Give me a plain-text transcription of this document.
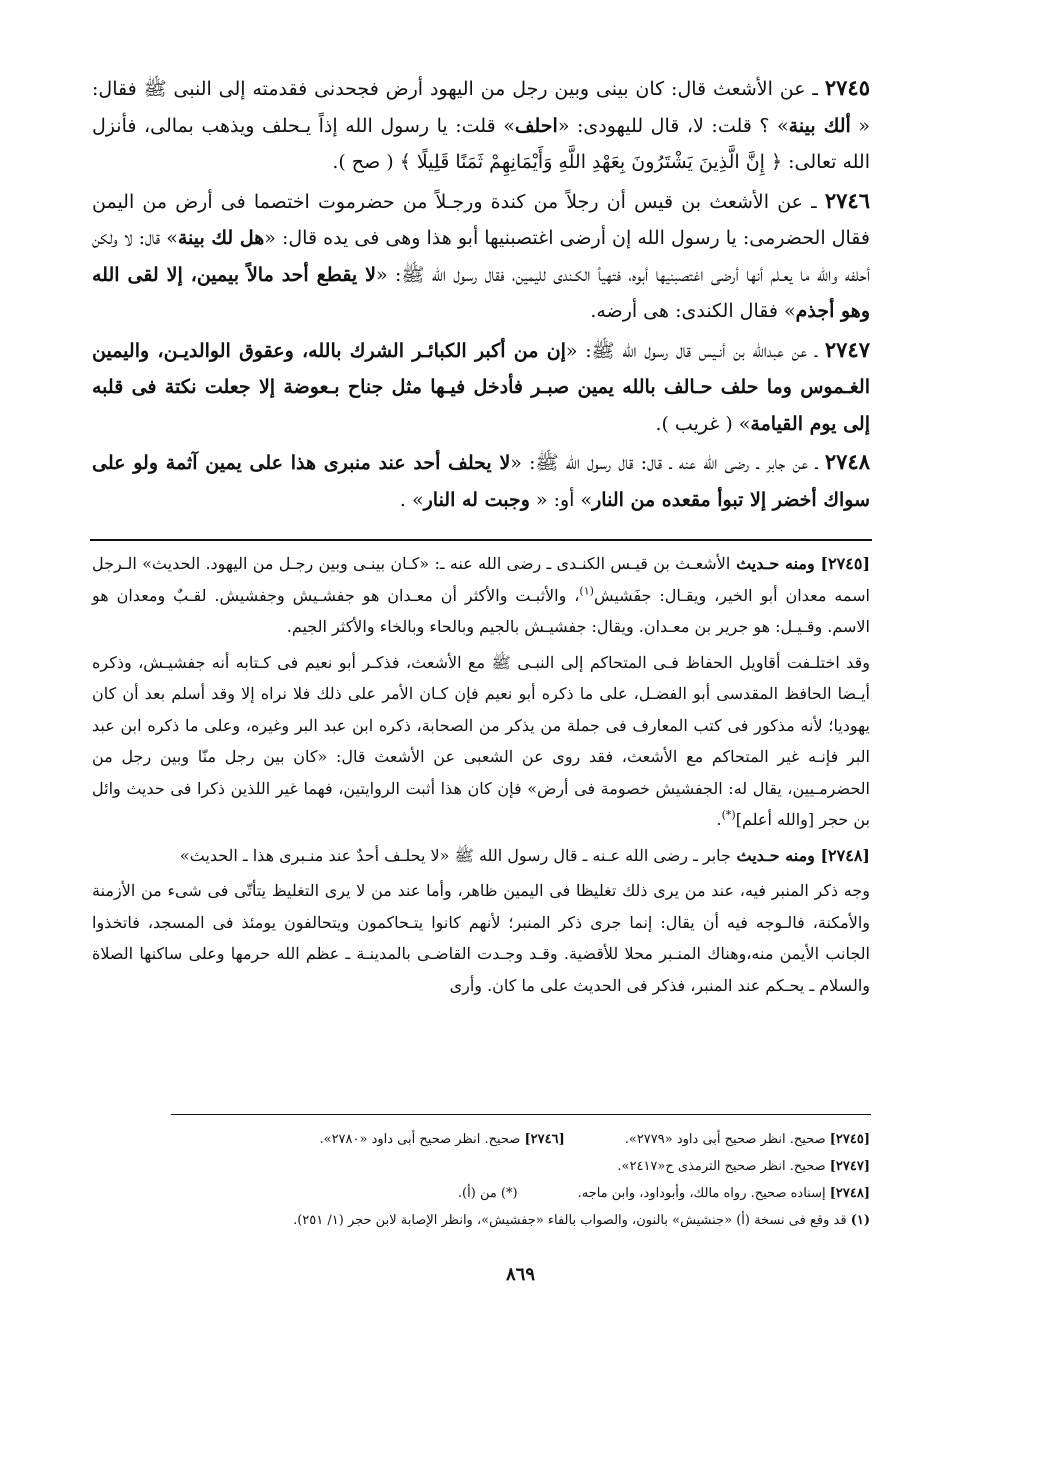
٢٧٤٥ ـ عن الأشعث قال: كان بينى وبين رجل من اليهود أرض فجحدنى فقدمته إلى النبى ﷺ فقال: « ألك بينة» ؟ قلت: لا، قال لليهودى: «احلف» قلت: يا رسول الله إذاً يـحلف ويذهب بمالى، فأنزل الله تعالى: ﴿ إِنَّ الَّذِينَ يَشْتَرُونَ بِعَهْدِ اللَّهِ وَأَيْمَانِهِمْ ثَمَنًا قَلِيلًا ﴾ ( صح ).

٢٧٤٦ ـ عن الأشعث بن قيس أن رجلاً من كندة ورجـلاً من حضرموت اختصما فى أرض من اليمن فقال الحضرمى: يا رسول الله إن أرضى اغتصبنيها أبو هذا وهى فى يده قال: «هل لك بينة» قال: لا ولكن أحلفه والله ما يعـلم أنها أرضى اغتصبنيها أبوه، فتهيأ الكـندى لليمين، فقال رسول الله ﷺ: «لا يقطع أحد مالاً بيمين، إلا لقى الله وهو أجذم» فقال الكندى: هى أرضه.

٢٧٤٧ ـ عن عبدالله بن أنـيس قال رسول الله ﷺ: «إن من أكبر الكبائـر الشرك بالله، وعقوق الوالديـن، واليمين الغـموس وما حلف حـالف بالله يمين صبـر فأدخل فيـها مثل جناح بـعوضة إلا جعلت نكتة فى قلبه إلى يوم القيامة» ( غريب ).

٢٧٤٨ ـ عن جابر ـ رضى الله عنه ـ قال: قال رسول الله ﷺ: «لا يحلف أحد عند منبرى هذا على يمين آثمة ولو على سواك أخضر إلا تبوأ مقعده من النار» أو: « وجبت له النار» .

[٢٧٤٥] ومنه حـديث الأشعـث بن قيـس الكنـدى ـ رضى الله عنه ـ: «كـان بينـى وبين رجـل من اليهود. الحديث» الـرجل اسمه معدان أبو الخير، ويقـال: جفَشيش$^{(١)}$، والأثبـت والأكثر أن معـدان هو جفشـيش وجفشيش. لقـبٌ ومعدان هو الاسم. وقـيـل: هو جرير بن معـدان. ويقال: جفشيـش بالجيم وبالحاء وبالخاء والأكثر الجيم.

وقد اختلـفت أقاويل الحفاظ فـى المتحاكم إلى النبـى ﷺ مع الأشعث، فذكـر أبو نعيم فى كـتابه أنه جفشيـش، وذكره أيـضا الحافظ المقدسى أبو الفضـل، على ما ذكره أبو نعيم فإن كـان الأمر على ذلك فلا نراه إلا وقد أسلم بعد أن كان يهوديا؛ لأنه مذكور فى كتب المعارف فى جملة من يذكر من الصحابة، ذكره ابن عبد البر وغيره، وعلى ما ذكره ابن عبد البر فإنـه غير المتحاكم مع الأشعث، فقد روى عن الشعبى عن الأشعث قال: «كان بين رجل منّا وبين رجل من الحضرمـيين، يقال له: الجفشيش خصومة فى أرض» فإن كان هذا أثبت الروايتين، فهما غير اللذين ذكرا فى حديث وائل بن حجر [والله أعلم](*).

[٢٧٤٨] ومنه حـديث جابر ـ رضى الله عـنه ـ قال رسول الله ﷺ «لا يحلـف أحدٌ عند منـبرى هذا ـ الحديث»

وجه ذكر المنبر فيه، عند من يرى ذلك تغليظا فى اليمين ظاهر، وأما عند من لا يرى التغليظ يتأتّى فى شىء من الأزمنة والأمكنة، فالـوجه فيه أن يقال: إنما جرى ذكر المنبر؛ لأنهم كانوا يتـحاكمون ويتحالفون يومئذ فى المسجد، فاتخذوا الجانب الأيمن منه،وهناك المنـبر محلا للأقضية. وقـد وجـدت القاضـى بالمدينـة ـ عظم الله حرمها وعلى ساكنها الصلاة والسلام ـ يحـكم عند المنبر، فذكر فى الحديث على ما كان. وأرى

[٢٧٤٥] صحيح. انظر صحيح أبى داود «٢٧٧٩».[٢٧٤٦] صحيح. انظر صحيح أبى داود «٢٧٨٠».

[٢٧٤٧] صحيح. انظر صحيح الترمذى ح«٢٤١٧».

[٢٧٤٨] إسناده صحيح. رواه مالك، وأبوداود، وابن ماجه.(*) من (أ).

(١) قد وقع فى نسخة (أ) «جنشيش» بالنون، والصواب بالفاء «جفشيش»، وانظر الإصابة لابن حجر (١/ ٢٥١).

٨٦٩
